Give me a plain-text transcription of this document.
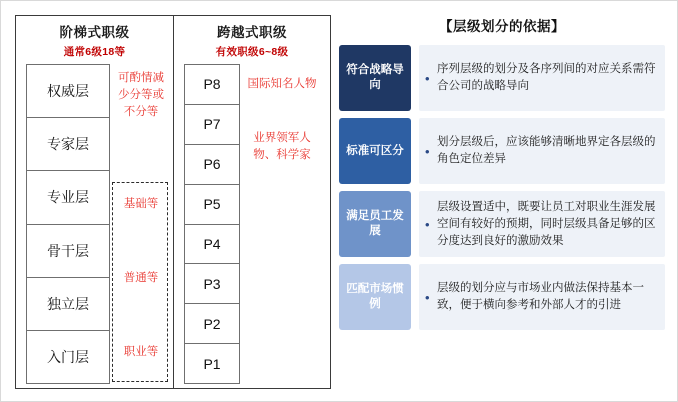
阶梯式职级
通常6级18等
跨越式职级
有效职级6~8级
权威层
专家层
专业层
骨干层
独立层
入门层
可酌情减少分等或不分等
基础等
普通等
职业等
P8
P7
P6
P5
P4
P3
P2
P1
国际知名人物
业界领军人物、科学家
【层级划分的依据】
符合战略导向	•
序列层级的划分及各序列间的对应关系需符合公司的战略导向
标准可区分	•
划分层级后，应该能够清晰地界定各层级的角色定位差异
满足员工发展	•
层级设置适中，既要让员工对职业生涯发展空间有较好的预期，同时层级具备足够的区分度达到良好的激励效果
匹配市场惯例	•
层级的划分应与市场业内做法保持基本一致，便于横向参考和外部人才的引进
